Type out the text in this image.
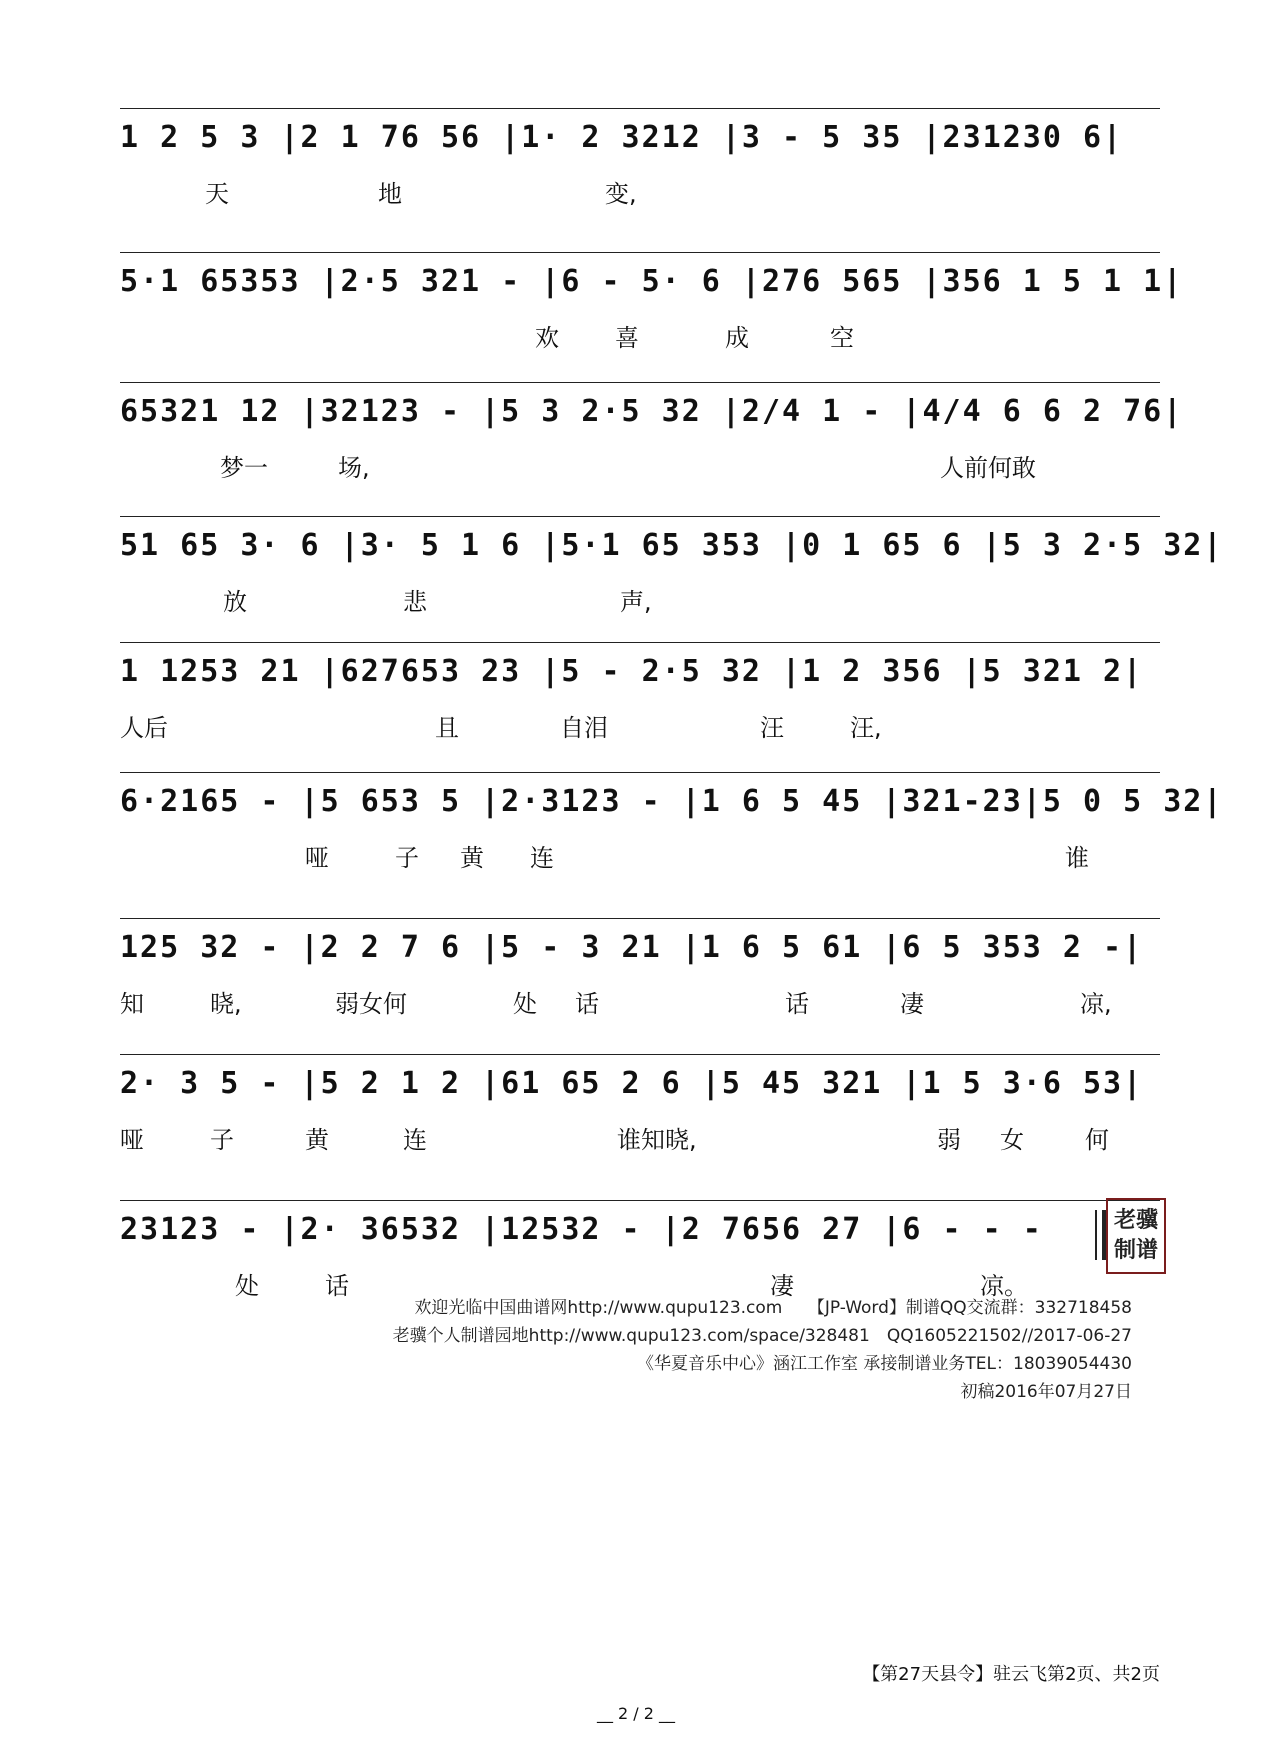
1 2 5 3 |2 1 76 56 |1· 2 3212 |3 - 5 35 |231230 6|
天	地	变,
5·1 65353 |2·5 321 - |6 - 5· 6 |276 565 |356 1 5 1 1|
欢 喜	成	空
65321 12 |32123 - |5 3 2·5 32 |2/4 1 - |4/4 6 6 2 76|
梦一	场,	人前何敢
51 65 3· 6 |3· 5 1 6 |5·1 65 353 |0 1 65 6 |5 3 2·5 32|
放	悲	声,
1 1253 21 |627653 23 |5 - 2·5 32 |1 2 356 |5 321 2|
人后	且	自泪	汪	汪,
6·2165 - |5 653 5 |2·3123 - |1 6 5 45 |321-23|5 0 5 32|
哑	子 黄 连	谁
125 32 - |2 2 7 6 |5 - 3 21 |1 6 5 61 |6 5 353 2 -|
知	晓,	弱女何	处 话	话	凄	凉,
2· 3 5 - |5 2 1 2 |61 65 2 6 |5 45 321 |1 5 3·6 53|
哑	子	黄	连	谁知晓,	弱 女	何
23123 - |2· 36532 |12532 - |2 7656 27 |6 - - -
处	话	凄	凉。
老骥
制谱
欢迎光临中国曲谱网http://www.qupu123.com　　【JP-Word】制谱QQ交流群：332718458
老骥个人制谱园地http://www.qupu123.com/space/328481　QQ1605221502//2017-06-27
《华夏音乐中心》涵江工作室 承接制谱业务TEL：18039054430
初稿2016年07月27日
【第27天县令】驻云飞第2页、共2页
__ 2 / 2 __
